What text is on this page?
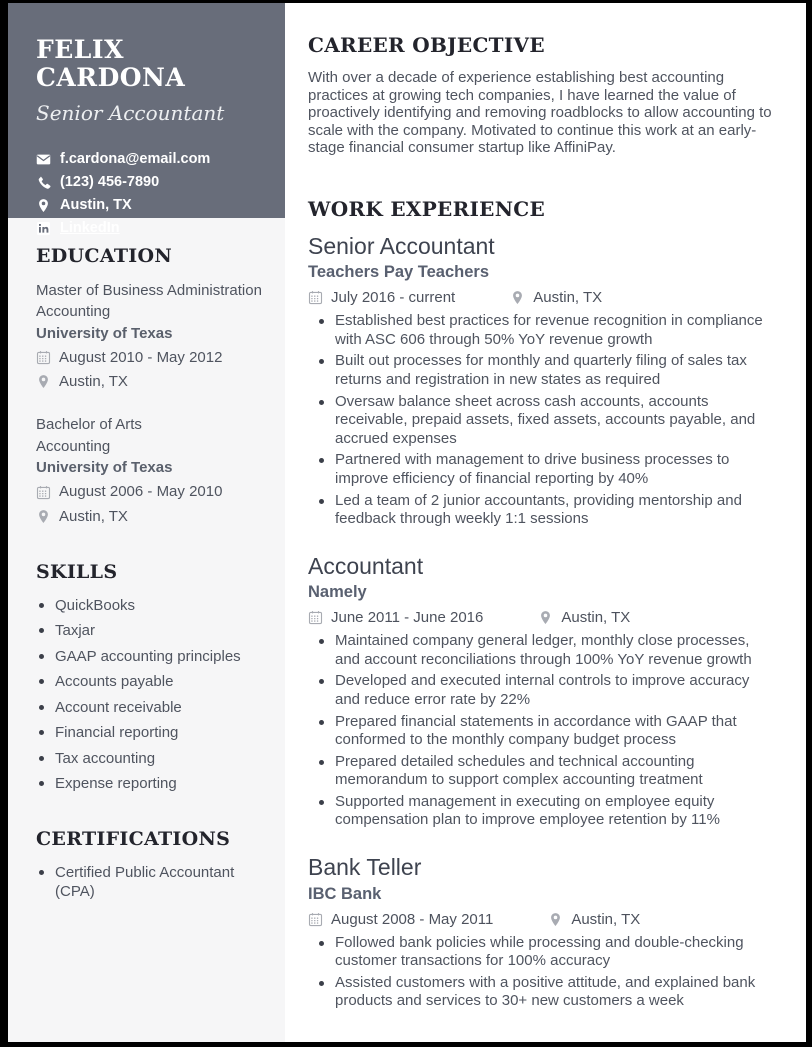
FELIX CARDONA
Senior Accountant
f.cardona@email.com
(123) 456-7890
Austin, TX
LinkedIn
EDUCATION

Master of Business Administration

Accounting

University of Texas

August 2010 - May 2012
Austin, TX

Bachelor of Arts

Accounting

University of Texas

August 2006 - May 2010
Austin, TX
SKILLS
QuickBooks
Taxjar
GAAP accounting principles
Accounts payable
Account receivable
Financial reporting
Tax accounting
Expense reporting
CERTIFICATIONS
Certified Public Accountant (CPA)
CAREER OBJECTIVE

With over a decade of experience establishing best accounting practices at growing tech companies, I have learned the value of proactively identifying and removing roadblocks to allow accounting to scale with the company. Motivated to continue this work at an early-stage financial consumer startup like AffiniPay.

WORK EXPERIENCE
Senior Accountant
Teachers Pay Teachers
July 2016 - current	Austin, TX
Established best practices for revenue recognition in compliance with ASC 606 through 50% YoY revenue growth
Built out processes for monthly and quarterly filing of sales tax returns and registration in new states as required
Oversaw balance sheet across cash accounts, accounts receivable, prepaid assets, fixed assets, accounts payable, and accrued expenses
Partnered with management to drive business processes to improve efficiency of financial reporting by 40%
Led a team of 2 junior accountants, providing mentorship and feedback through weekly 1:1 sessions
Accountant
Namely
June 2011 - June 2016	Austin, TX
Maintained company general ledger, monthly close processes, and account reconciliations through 100% YoY revenue growth
Developed and executed internal controls to improve accuracy and reduce error rate by 22%
Prepared financial statements in accordance with GAAP that conformed to the monthly company budget process
Prepared detailed schedules and technical accounting memorandum to support complex accounting treatment
Supported management in executing on employee equity compensation plan to improve employee retention by 11%
Bank Teller
IBC Bank
August 2008 - May 2011	Austin, TX
Followed bank policies while processing and double-checking customer transactions for 100% accuracy
Assisted customers with a positive attitude, and explained bank products and services to 30+ new customers a week
